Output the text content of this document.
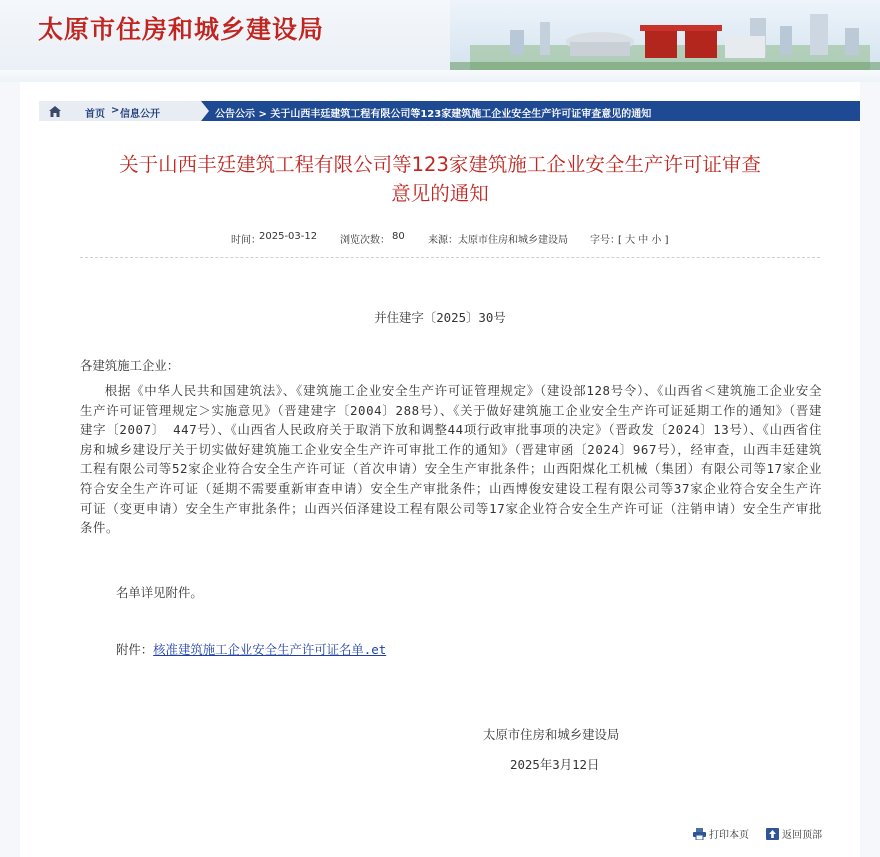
太原市住房和城乡建设局
首页 > 信息公开	公告公示 > 关于山西丰廷建筑工程有限公司等123家建筑施工企业安全生产许可证审查意见的通知
关于山西丰廷建筑工程有限公司等123家建筑施工企业安全生产许可证审查
意见的通知
时间：
2025-03-12 浏览次数： 80 来源： 太原市住房和城乡建设局 字号：
[ 大 中 小 ]
并住建字〔2025〕30号
各建筑施工企业：
根据《中华人民共和国建筑法》、《建筑施工企业安全生产许可证管理规定》（建设部128号令）、《山西省＜建筑施工企业安全生产许可证管理规定＞实施意见》（晋建建字〔2004〕288号）、《关于做好建筑施工企业安全生产许可证延期工作的通知》（晋建建字〔2007〕 447号）、《山西省人民政府关于取消下放和调整44项行政审批事项的决定》（晋政发〔2024〕13号）、《山西省住房和城乡建设厅关于切实做好建筑施工企业安全生产许可审批工作的通知》（晋建审函〔2024〕967号），经审查，山西丰廷建筑工程有限公司等52家企业符合安全生产许可证（首次申请）安全生产审批条件；山西阳煤化工机械（集团）有限公司等17家企业符合安全生产许可证（延期不需要重新审查申请）安全生产审批条件；山西博俊安建设工程有限公司等37家企业符合安全生产许可证（变更申请）安全生产审批条件；山西兴佰泽建设工程有限公司等17家企业符合安全生产许可证（注销申请）安全生产审批条件。
名单详见附件。
附件：核准建筑施工企业安全生产许可证名单.et
太原市住房和城乡建设局
2025年3月12日
打印本页	返回顶部
